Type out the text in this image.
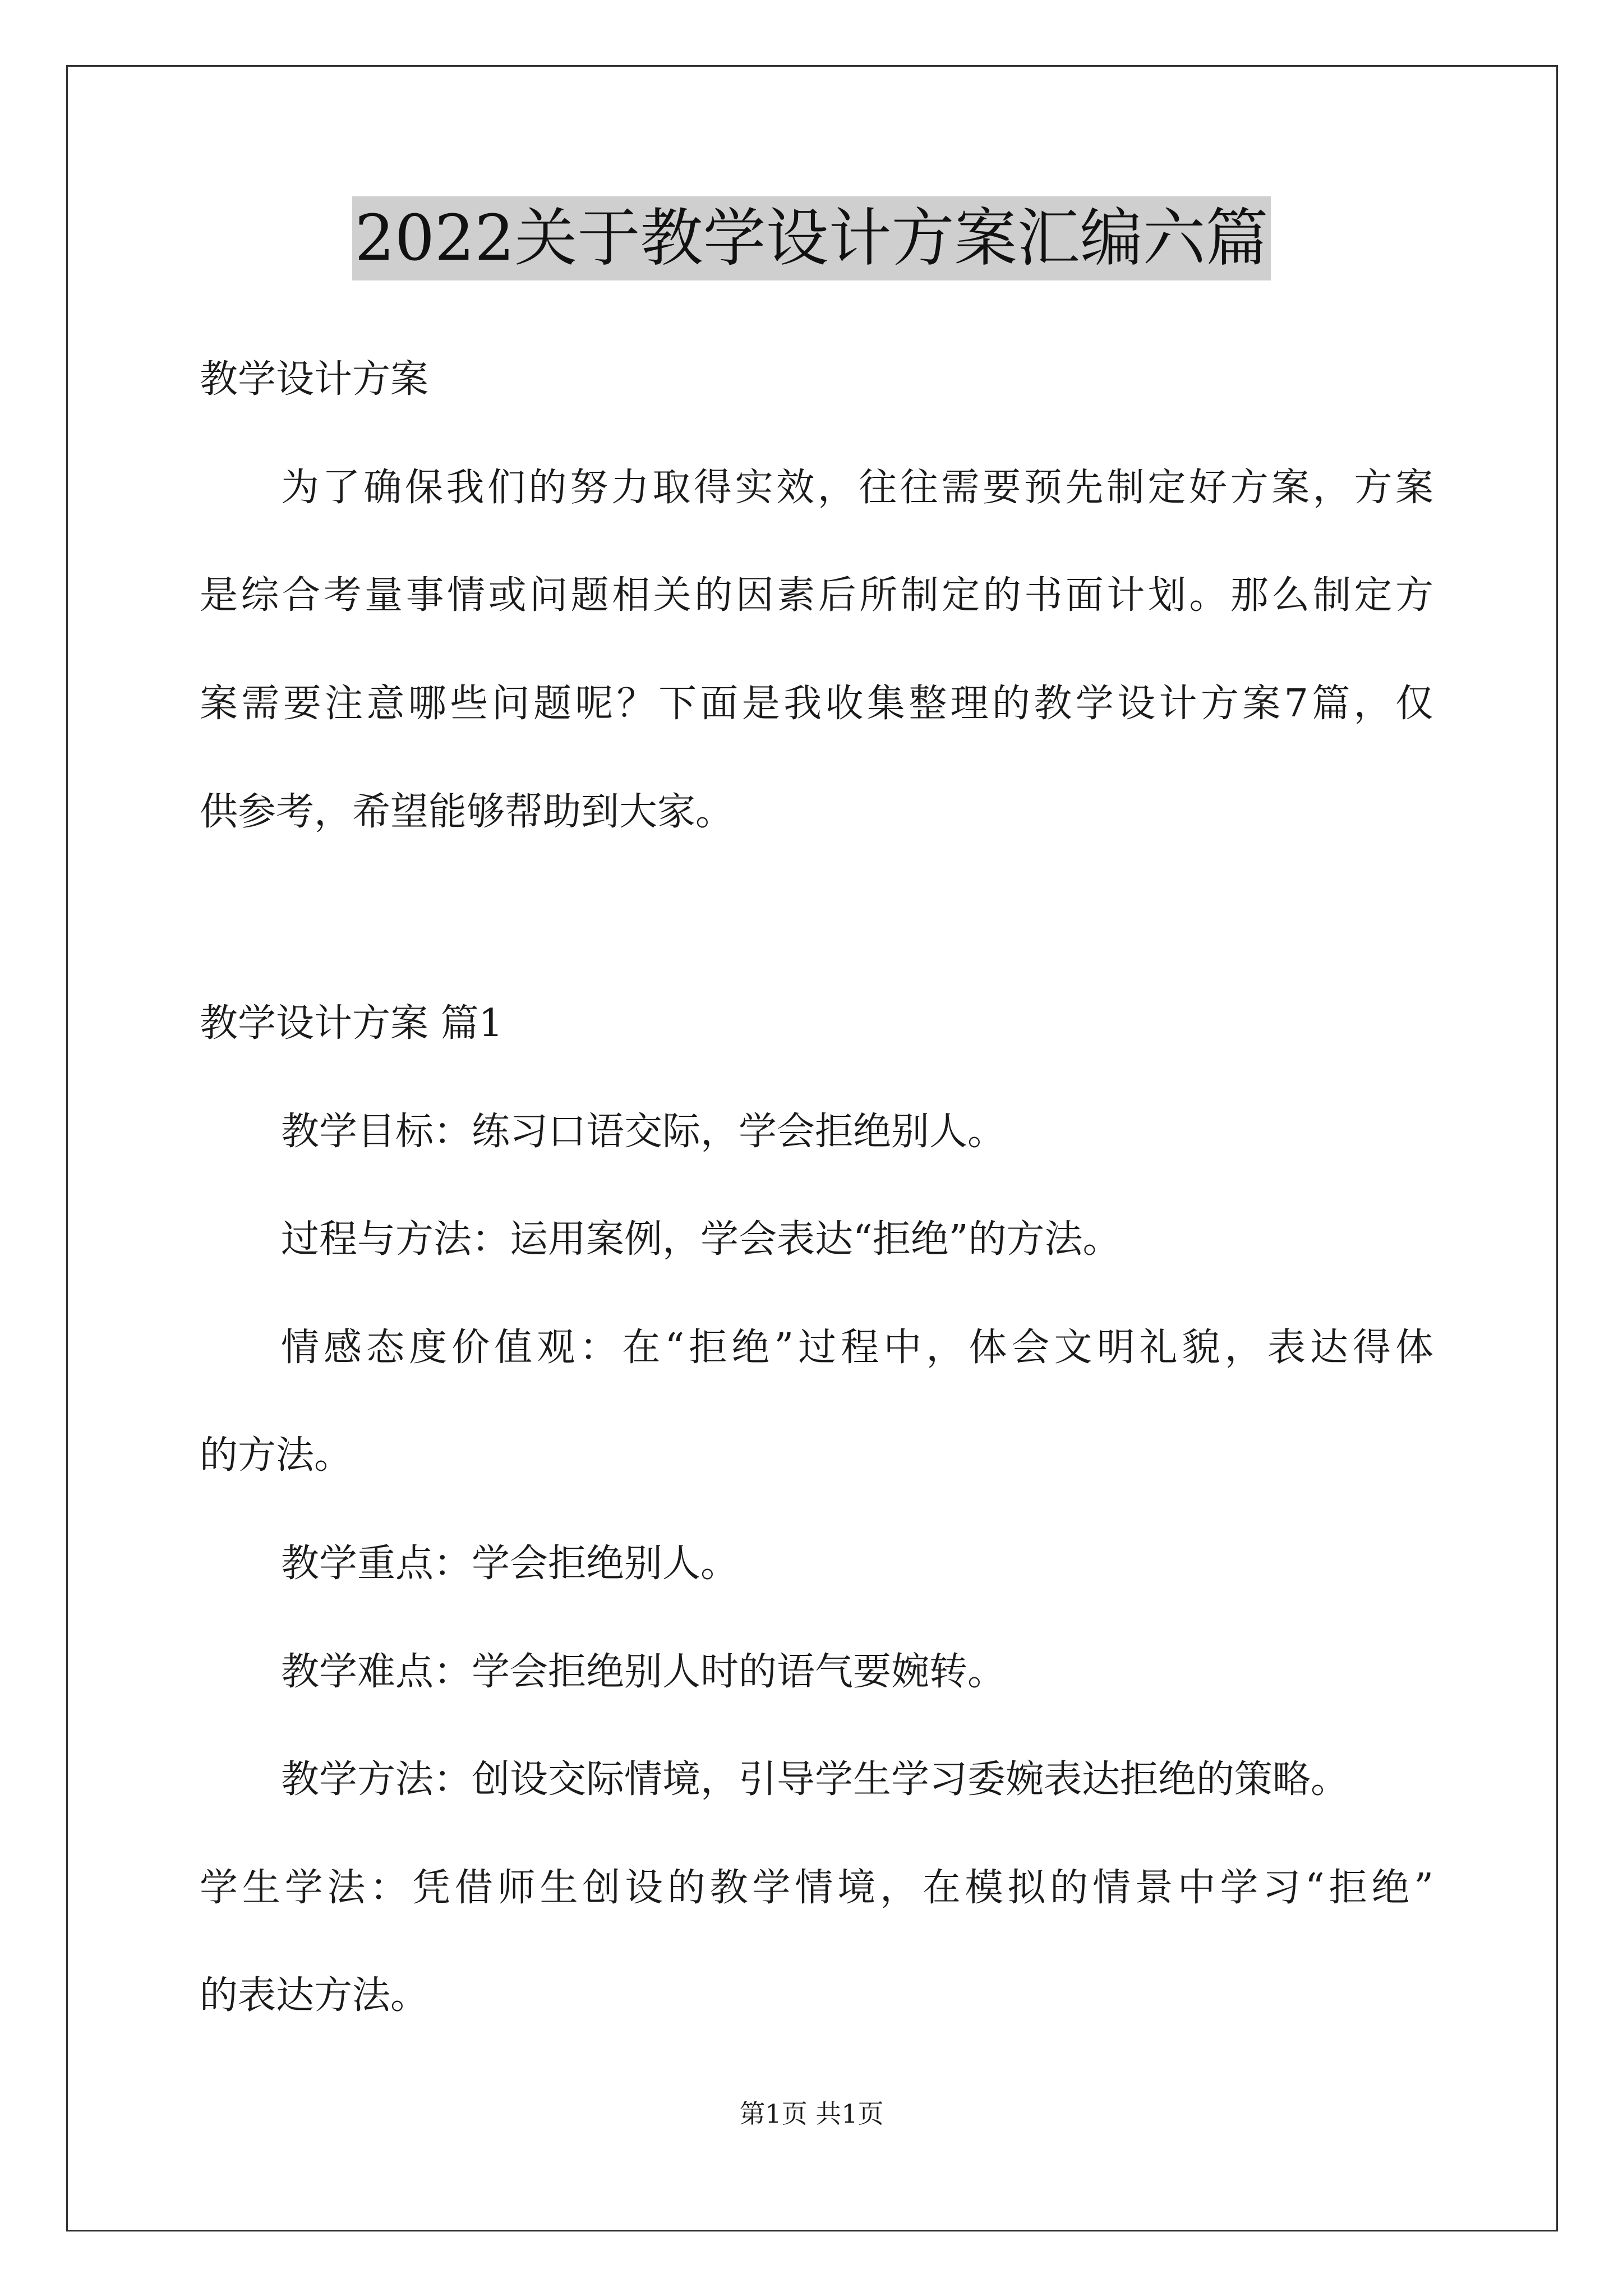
2022关于教学设计方案汇编六篇
教学设计方案
为了确保我们的努力取得实效，往往需要预先制定好方案，方案
是综合考量事情或问题相关的因素后所制定的书面计划。那么制定方
案需要注意哪些问题呢？下面是我收集整理的教学设计方案7篇，仅
供参考，希望能够帮助到大家。
教学设计方案 篇1
教学目标：练习口语交际，学会拒绝别人。
过程与方法：运用案例，学会表达“拒绝”的方法。
情感态度价值观：在“拒绝”过程中，体会文明礼貌，表达得体
的方法。
教学重点：学会拒绝别人。
教学难点：学会拒绝别人时的语气要婉转。
教学方法：创设交际情境，引导学生学习委婉表达拒绝的策略。
学生学法：凭借师生创设的教学情境，在模拟的情景中学习“拒绝”
的表达方法。
第1页 共1页
